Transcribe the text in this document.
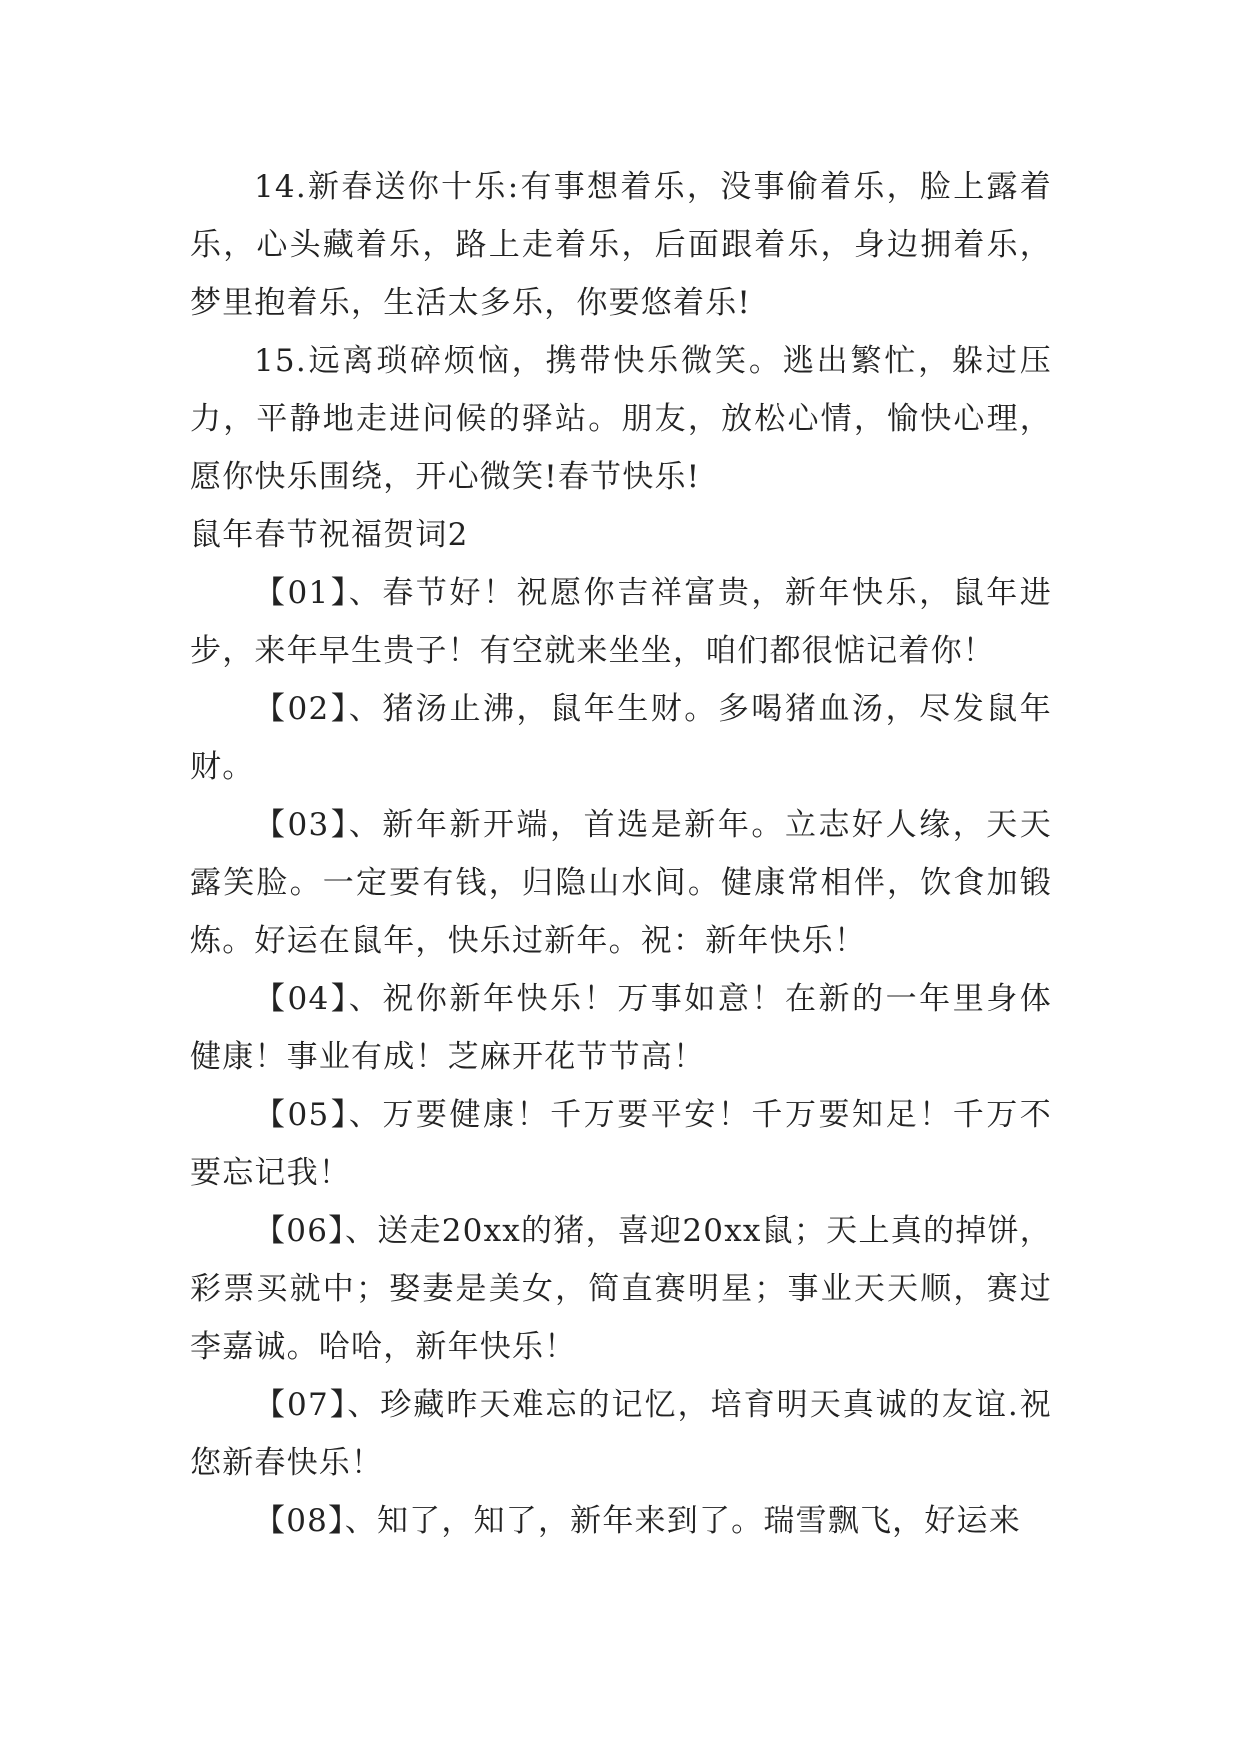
14.新春送你十乐:有事想着乐，没事偷着乐，脸上露着乐，心头藏着乐，路上走着乐，后面跟着乐，身边拥着乐，梦里抱着乐，生活太多乐，你要悠着乐!

15.远离琐碎烦恼，携带快乐微笑。逃出繁忙，躲过压力，平静地走进问候的驿站。朋友，放松心情，愉快心理，愿你快乐围绕，开心微笑!春节快乐!

鼠年春节祝福贺词2

【01】、春节好！祝愿你吉祥富贵，新年快乐，鼠年进步，来年早生贵子！有空就来坐坐，咱们都很惦记着你！

【02】、猪汤止沸，鼠年生财。多喝猪血汤，尽发鼠年财。

【03】、新年新开端，首选是新年。立志好人缘，天天露笑脸。一定要有钱，归隐山水间。健康常相伴，饮食加锻炼。好运在鼠年，快乐过新年。祝：新年快乐！

【04】、祝你新年快乐！万事如意！在新的一年里身体健康！事业有成！芝麻开花节节高！

【05】、万要健康！千万要平安！千万要知足！千万不要忘记我！

【06】、送走20xx的猪，喜迎20xx鼠；天上真的掉饼，彩票买就中；娶妻是美女，简直赛明星；事业天天顺，赛过李嘉诚。哈哈，新年快乐！

【07】、珍藏昨天难忘的记忆，培育明天真诚的友谊.祝您新春快乐！

【08】、知了，知了，新年来到了。瑞雪飘飞，好运来
